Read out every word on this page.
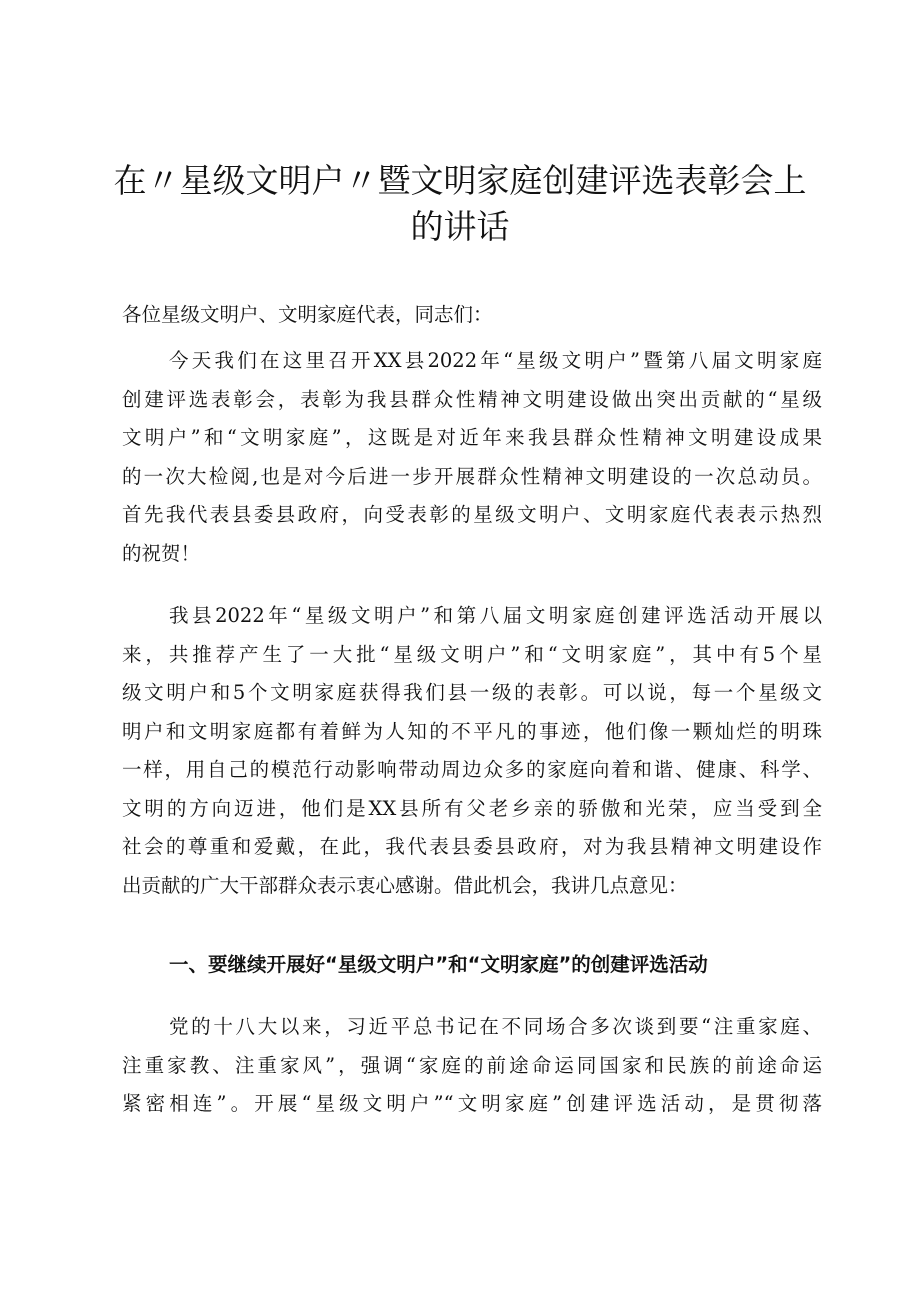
在〃星级文明户〃暨文明家庭创建评选表彰会上
的讲话

各位星级文明户、文明家庭代表，同志们：

今天我们在这里召开XX县2022年“星级文明户”暨第八届文明家庭
创建评选表彰会，表彰为我县群众性精神文明建设做出突出贡献的“星级
文明户”和“文明家庭”，这既是对近年来我县群众性精神文明建设成果
的一次大检阅,也是对今后进一步开展群众性精神文明建设的一次总动员。
首先我代表县委县政府，向受表彰的星级文明户、文明家庭代表表示热烈
的祝贺！

我县2022年“星级文明户”和第八届文明家庭创建评选活动开展以
来，共推荐产生了一大批“星级文明户”和“文明家庭”，其中有5个星
级文明户和5个文明家庭获得我们县一级的表彰。可以说，每一个星级文
明户和文明家庭都有着鲜为人知的不平凡的事迹，他们像一颗灿烂的明珠
一样，用自己的模范行动影响带动周边众多的家庭向着和谐、健康、科学、
文明的方向迈进，他们是XX县所有父老乡亲的骄傲和光荣，应当受到全
社会的尊重和爱戴，在此，我代表县委县政府，对为我县精神文明建设作
出贡献的广大干部群众表示衷心感谢。借此机会，我讲几点意见：

一、要继续开展好“星级文明户”和“文明家庭”的创建评选活动

党的十八大以来，习近平总书记在不同场合多次谈到要“注重家庭、
注重家教、注重家风”，强调“家庭的前途命运同国家和民族的前途命运
紧密相连”。开展“星级文明户”“文明家庭”创建评选活动，是贯彻落
